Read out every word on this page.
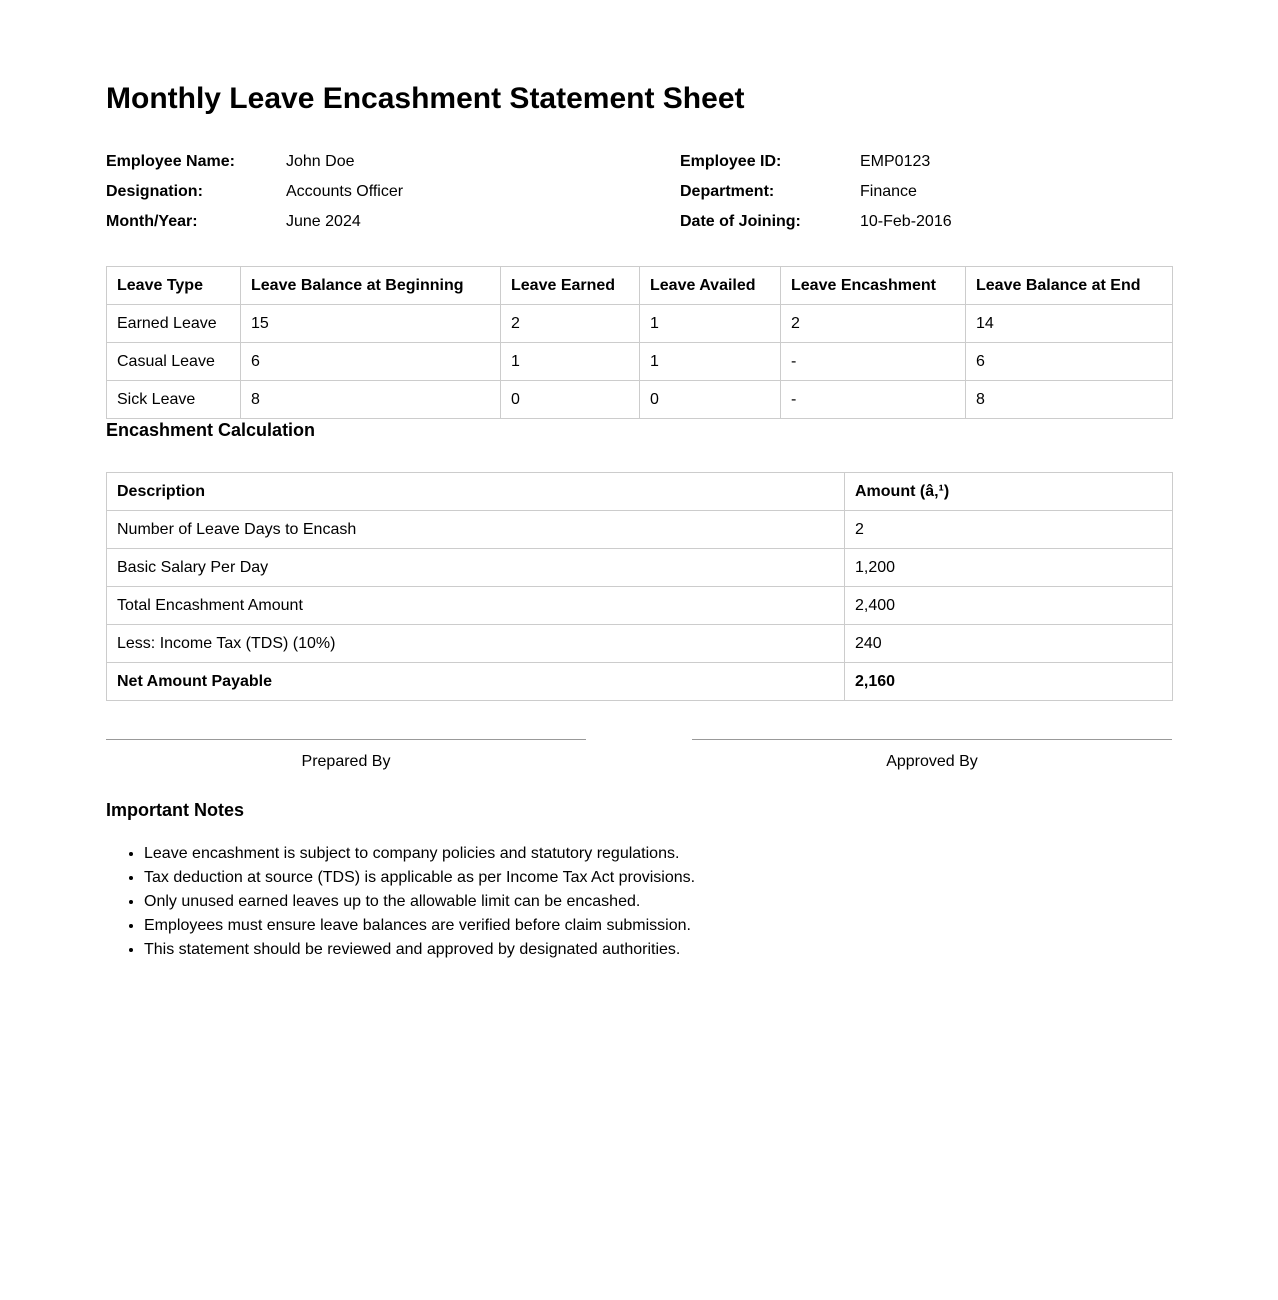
Monthly Leave Encashment Statement Sheet
Employee Name:	John Doe	Employee ID:	EMP0123
Designation:	Accounts Officer	Department:	Finance
Month/Year:	June 2024	Date of Joining:	10-Feb-2016
Leave Type	Leave Balance at Beginning	Leave Earned	Leave Availed	Leave Encashment	Leave Balance at End
Earned Leave	15	2	1	2	14
Casual Leave	6	1	1	-	6
Sick Leave	8	0	0	-	8
Encashment Calculation
Description	Amount (â‚¹)
Number of Leave Days to Encash	2
Basic Salary Per Day	1,200
Total Encashment Amount	2,400
Less: Income Tax (TDS) (10%)	240
Net Amount Payable	2,160
Prepared By	Approved By
Important Notes
• Leave encashment is subject to company policies and statutory regulations.
• Tax deduction at source (TDS) is applicable as per Income Tax Act provisions.
• Only unused earned leaves up to the allowable limit can be encashed.
• Employees must ensure leave balances are verified before claim submission.
• This statement should be reviewed and approved by designated authorities.
